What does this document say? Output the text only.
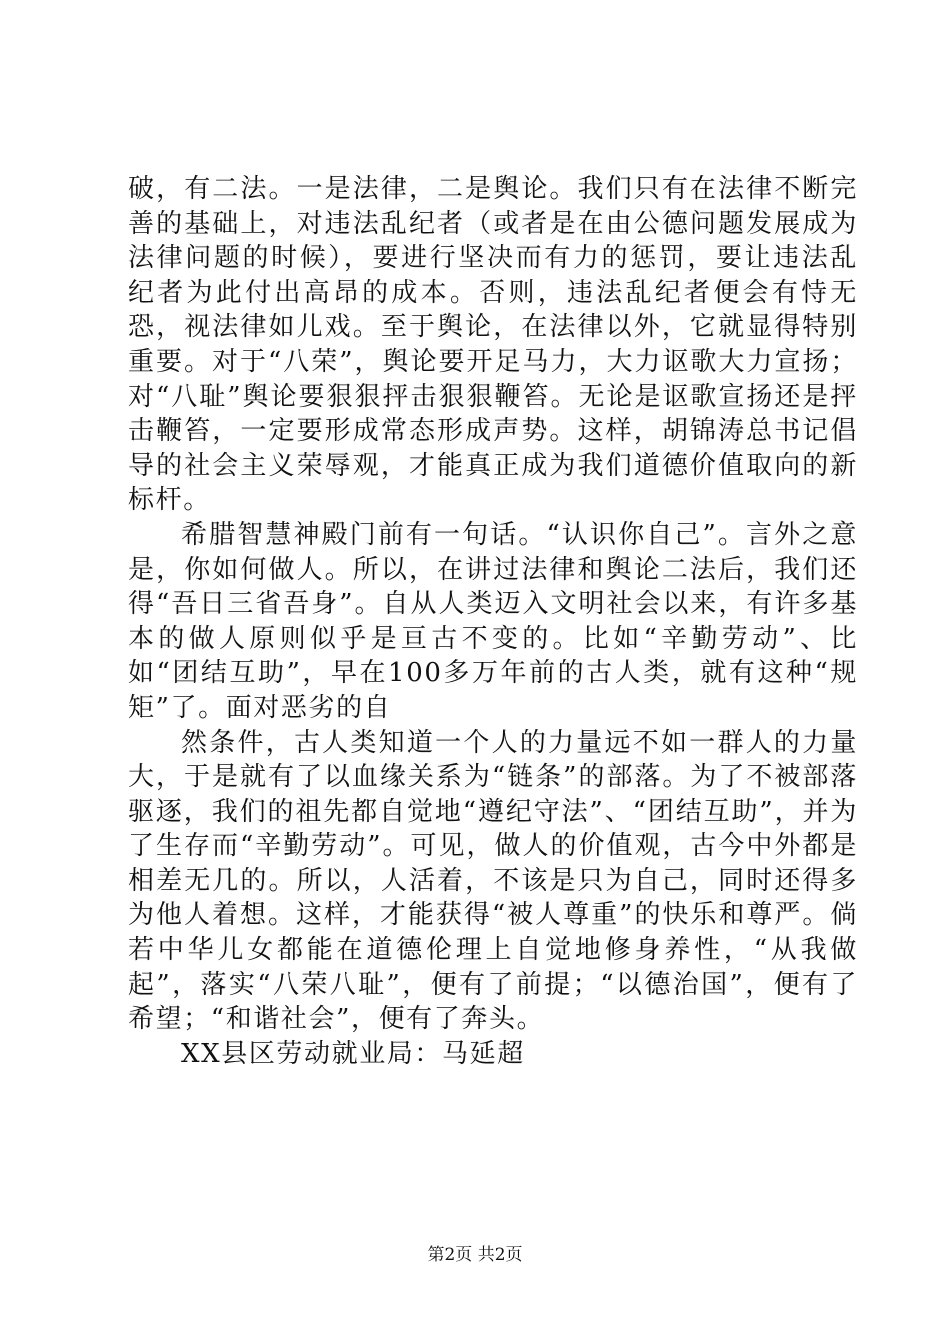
破，有二法。一是法律，二是舆论。我们只有在法律不断完善的基础上，对违法乱纪者（或者是在由公德问题发展成为法律问题的时候），要进行坚决而有力的惩罚，要让违法乱纪者为此付出高昂的成本。否则，违法乱纪者便会有恃无恐，视法律如儿戏。至于舆论，在法律以外，它就显得特别重要。对于“八荣”，舆论要开足马力，大力讴歌大力宣扬；对“八耻”舆论要狠狠抨击狠狠鞭笞。无论是讴歌宣扬还是抨击鞭笞，一定要形成常态形成声势。这样，胡锦涛总书记倡导的社会主义荣辱观，才能真正成为我们道德价值取向的新标杆。

希腊智慧神殿门前有一句话。“认识你自己”。言外之意是，你如何做人。所以，在讲过法律和舆论二法后，我们还得“吾日三省吾身”。自从人类迈入文明社会以来，有许多基本的做人原则似乎是亘古不变的。比如“辛勤劳动”、比如“团结互助”，早在100多万年前的古人类，就有这种“规矩”了。面对恶劣的自

然条件，古人类知道一个人的力量远不如一群人的力量大，于是就有了以血缘关系为“链条”的部落。为了不被部落驱逐，我们的祖先都自觉地“遵纪守法”、“团结互助”，并为了生存而“辛勤劳动”。可见，做人的价值观，古今中外都是相差无几的。所以，人活着，不该是只为自己，同时还得多为他人着想。这样，才能获得“被人尊重”的快乐和尊严。倘若中华儿女都能在道德伦理上自觉地修身养性，“从我做起”，落实“八荣八耻”，便有了前提；“以德治国”，便有了希望；“和谐社会”，便有了奔头。

XX县区劳动就业局：马延超

第2页 共2页
